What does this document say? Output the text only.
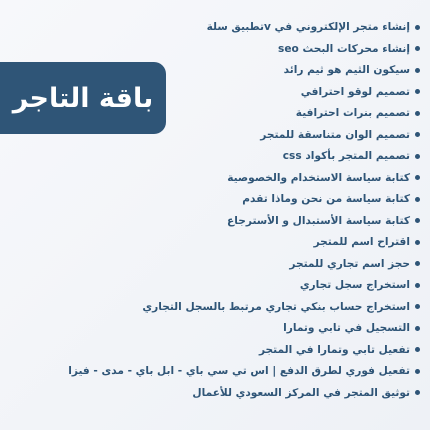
باقة التاجر
إنشاء متجر الإلكتروني في vتطبيق سلة
إنشاء محركات البحث seo
سيكون الثيم هو ثيم رائد
تصميم لوقو احترافي
تصميم بنرات احترافية
تصميم الوان متناسقة للمتجر
تصميم المتجر بأكواد css
كتابة سياسة الاستخدام والخصوصية
كتابة سياسة من نحن وماذا تقدم
كتابة سياسة الأستبدال و الأسترجاع
اقتراح اسم للمتجر
حجز اسم تجاري للمتجر
استخراج سجل تجاري
استخراج حساب بنكي تجاري مرتبط بالسجل التجاري
التسجيل في تابي وتمارا
تفعيل تابي وتمارا في المتجر
تفعيل فوري لطرق الدفع | اس تي سي باي - ابل باي - مدى - فيزا
توثيق المتجر في المركز السعودي للأعمال
